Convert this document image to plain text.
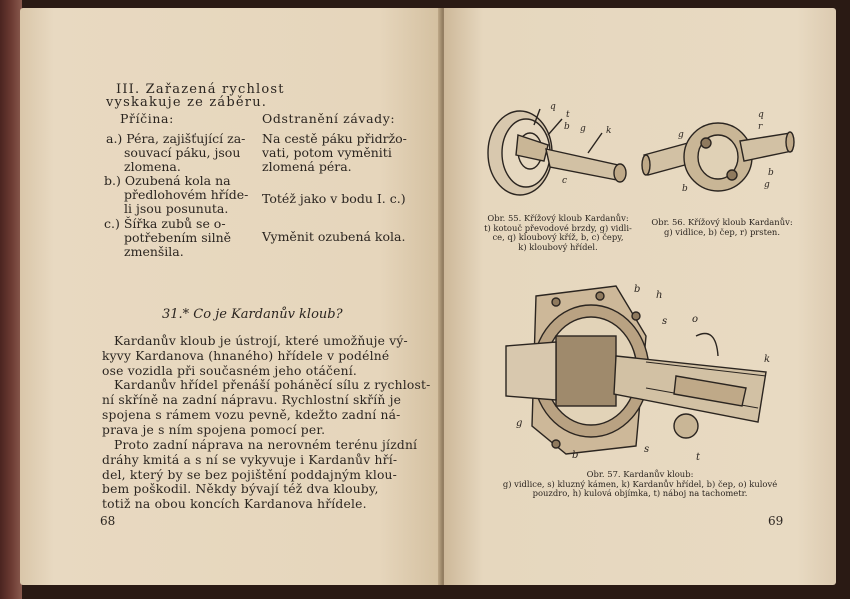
III. Zařazená rychlost
vyskakuje ze záběru.
Příčina:	Odstranění závady:
a.) Péra, zajišťující za-
souvací páku, jsou
zlomena.
b.) Ozubená kola na
předlohovém hříde-
li jsou posunuta.
c.) Šířka zubů se o-
potřebením silně
zmenšila.
Na cestě páku přidržo-
vati, potom vyměniti
zlomená péra.
Totéž jako v bodu I. c.)
Vyměnit ozubená kola.
31.* Co je Kardanův kloub?
Kardanův kloub je ústrojí, které umožňuje vý-
kyvy Kardanova (hnaného) hřídele v podélné
ose vozidla při současném jeho otáčení.
Kardanův hřídel přenáší poháněcí sílu z rychlost-
ní skříně na zadní nápravu. Rychlostní skříň je
spojena s rámem vozu pevně, kdežto zadní ná-
prava je s ním spojena pomocí per.
Proto zadní náprava na nerovném terénu jízdní
dráhy kmitá a s ní se vykyvuje i Kardanův hří-
del, který by se bez pojištění poddajným klou-
bem poškodil. Někdy bývají též dva klouby,
totiž na obou koncích Kardanova hřídele.
68
q
t
b g k
c
q
r
g
b
b	g
Obr. 55. Křížový kloub Kardanův:
t) kotouč převodové brzdy, g) vidli-
ce, q) kloubový kříž, b, c) čepy,
k) kloubový hřídel.
Obr. 56. Křížový kloub Kardanův:
g) vidlice, b) čep, r) prsten.
b
h
s o
k
g
b
s
t
Obr. 57. Kardanův kloub:
g) vidlice, s) kluzný kámen, k) Kardanův hřídel, b) čep, o) kulové
pouzdro, h) kulová objímka, t) náboj na tachometr.
69
